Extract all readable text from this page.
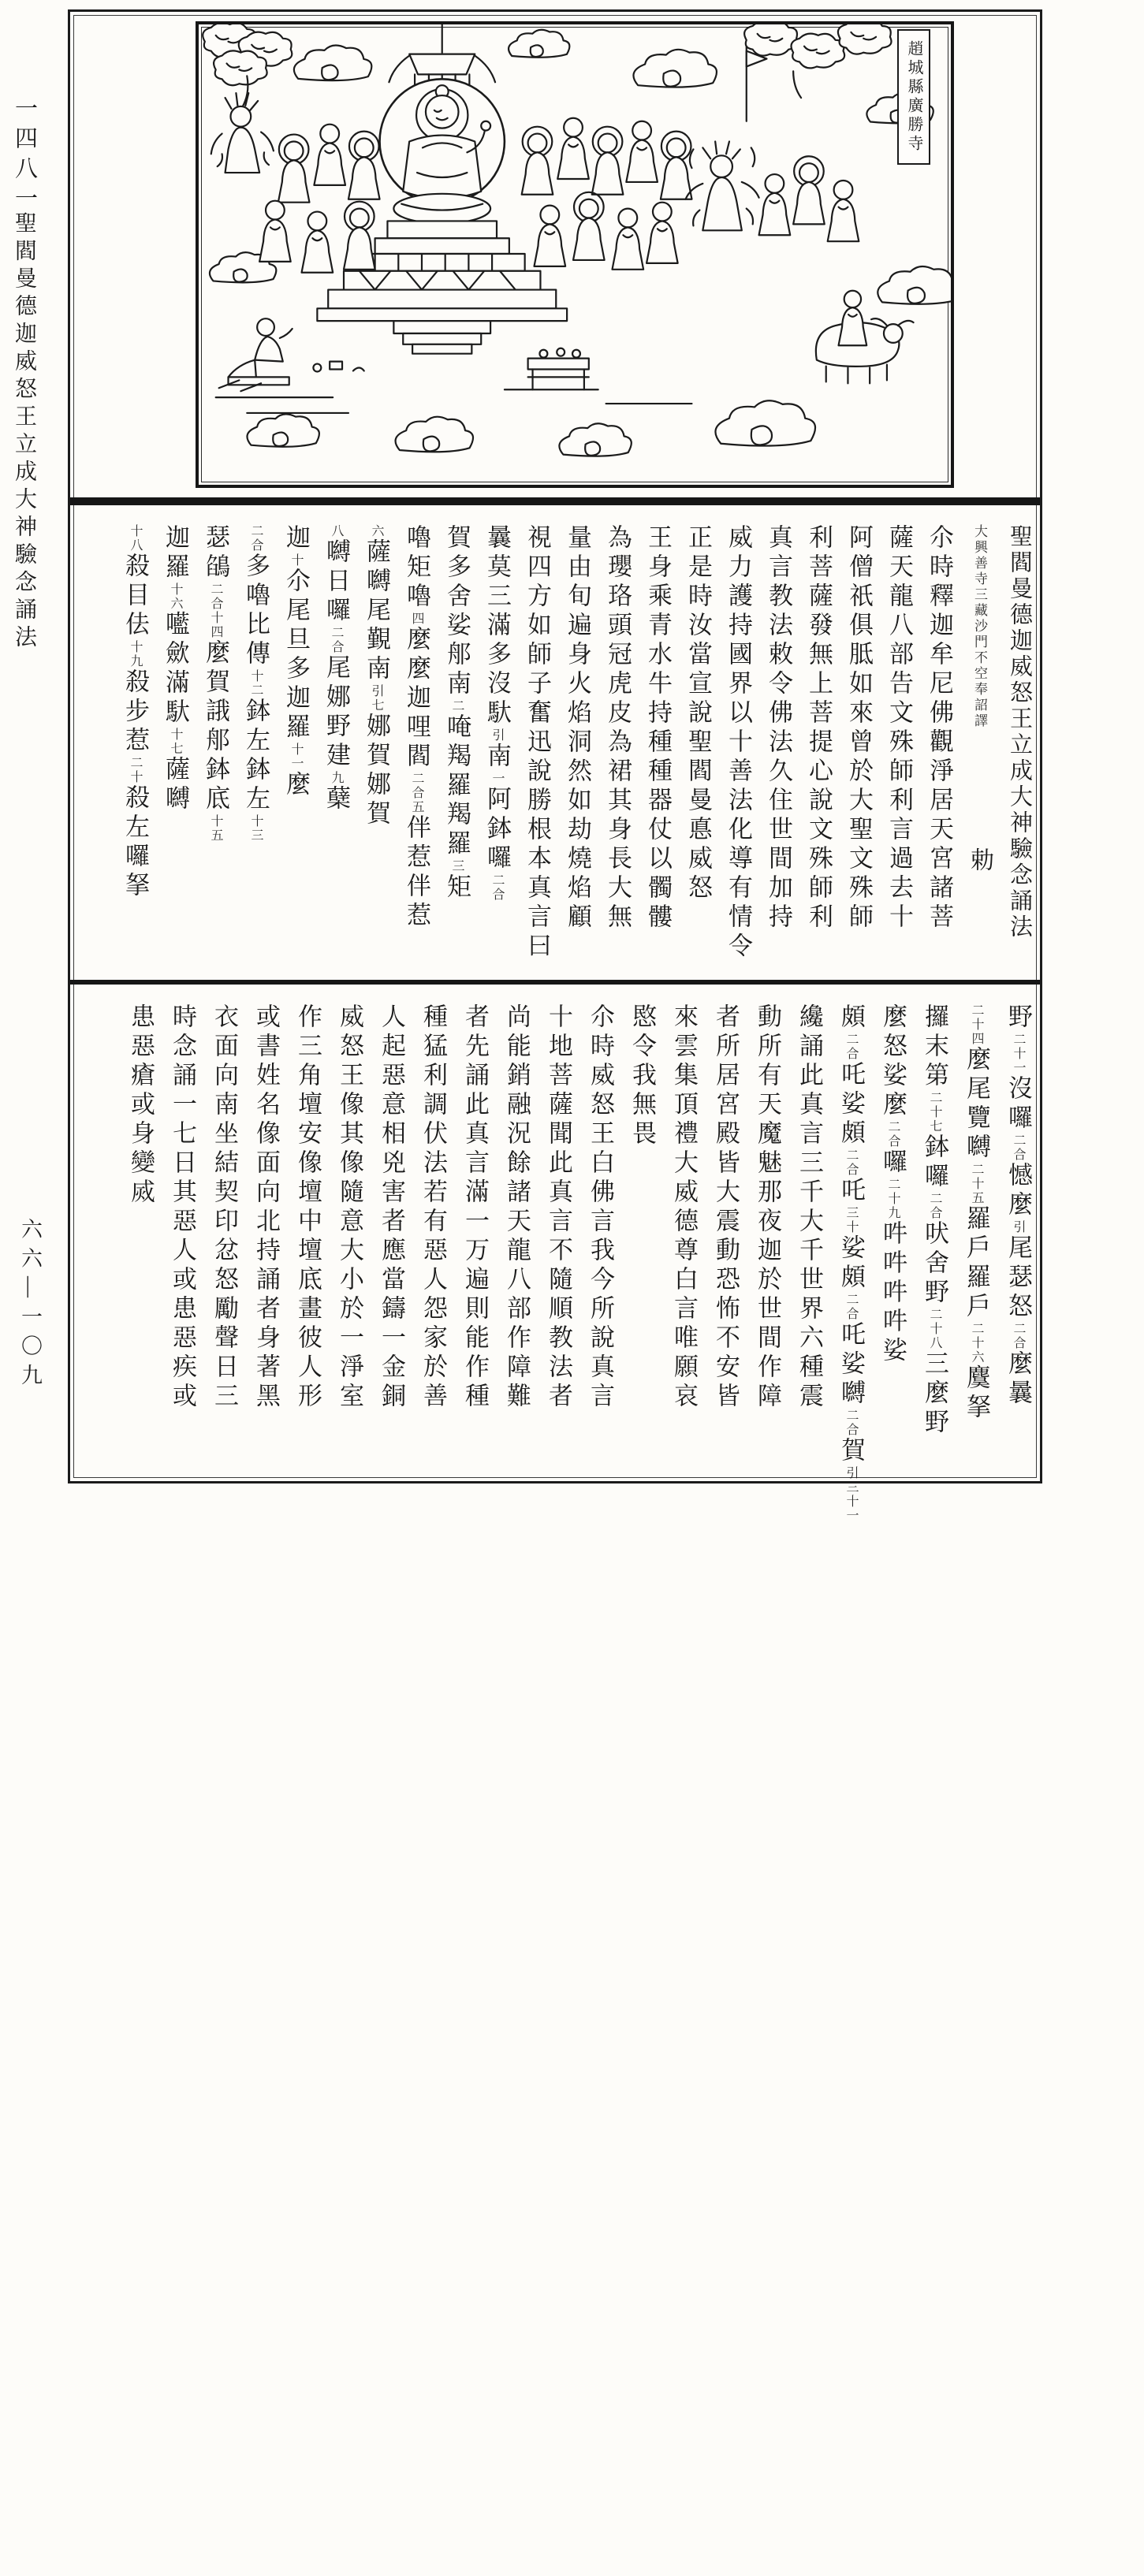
一四八一
聖閻曼德迦威怒王立成大神驗念誦法
六六—一〇九
趙城縣廣勝寺
聖閻曼德迦威怒王立成大神驗念誦法
大興善寺三藏沙門不空奉詔譯勅
尒時釋迦牟尼佛觀淨居天宮諸菩
薩天龍八部告文殊師利言過去十
阿僧祇俱胝如來曾於大聖文殊師
利菩薩發無上菩提心說文殊師利
真言教法敕令佛法久住世間加持
威力護持國界以十善法化導有情令
正是時汝當宣說聖閻曼悳威怒
王身乘青水牛持種種器仗以髑髏
為瓔珞頭冠虎皮為裙其身長大無
量由旬遍身火焰洞然如劫燒焰顧
視四方如師子奮迅說勝根本真言曰
曩莫三滿多沒馱引南一阿鉢囉二合
賀多舍娑郍南二唵羯羅羯羅三矩
嚕矩嚕四麼麼迦哩閻二合五伴惹伴惹
六薩嚩尾覲南引七娜賀娜賀
八嚩日囉二合尾娜野建九蘖
迦十尒尾旦多迦羅十一麼
二合多嚕比傳十二鉢左鉢左十三
瑟鵮二合十四麼賀誐郍鉢底十五
迦羅十六㘕歛滿馱十七薩嚩
十八殺目佉十九殺步惹二十殺左囉拏
野二十一沒囉二合憾麼引尾瑟怒二合麼曩
二十四麼尾覽嚩二十五羅戶羅戶二十六麌拏
攞末第二十七鉢囉二合吠舍野二十八三麼野
麼怒娑麼二合囉二十九吽吽吽吽娑
頗二合吒娑頗二合吒三十娑頗二合吒娑嚩二合賀引三十一
纔誦此真言三千大千世界六種震
動所有天魔魅那夜迦於世間作障
者所居宮殿皆大震動恐怖不安皆
來雲集頂禮大威德尊白言唯願哀
愍令我無畏
尒時威怒王白佛言我今所說真言
十地菩薩聞此真言不隨順教法者
尚能銷融況餘諸天龍八部作障難
者先誦此真言滿一万遍則能作種
種猛利調伏法若有惡人怨家於善
人起惡意相兇害者應當鑄一金銅
威怒王像其像隨意大小於一淨室
作三角壇安像壇中壇底畫彼人形
或書姓名像面向北持誦者身著黑
衣面向南坐結契印忿怒勵聲日三
時念誦一七日其惡人或患惡疾或
患惡瘡或身變烕
